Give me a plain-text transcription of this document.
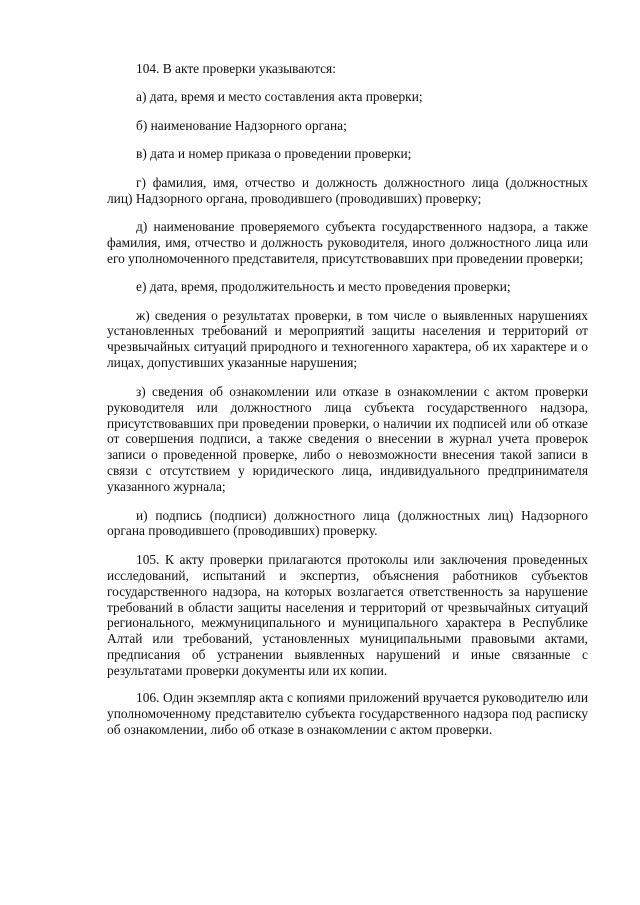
104. В акте проверки указываются:

а) дата, время и место составления акта проверки;

б) наименование Надзорного органа;

в) дата и номер приказа о проведении проверки;

г) фамилия, имя, отчество и должность должностного лица (должностных лиц) Надзорного органа, проводившего (проводивших) проверку;

д) наименование проверяемого субъекта государственного надзора, а также фамилия, имя, отчество и должность руководителя, иного должностного лица или его уполномоченного представителя, присутствовавших при проведении проверки;

е) дата, время, продолжительность и место проведения проверки;

ж) сведения о результатах проверки, в том числе о выявленных нарушениях установленных требований и мероприятий защиты населения и территорий от чрезвычайных ситуаций природного и техногенного характера, об их характере и о лицах, допустивших указанные нарушения;

з) сведения об ознакомлении или отказе в ознакомлении с актом проверки руководителя или должностного лица субъекта государственного надзора, присутствовавших при проведении проверки, о наличии их подписей или об отказе от совершения подписи, а также сведения о внесении в журнал учета проверок записи о проведенной проверке, либо о невозможности внесения такой записи в связи с отсутствием у юридического лица, индивидуального предпринимателя указанного журнала;

и) подпись (подписи) должностного лица (должностных лиц) Надзорного органа проводившего (проводивших) проверку.

105. К акту проверки прилагаются протоколы или заключения проведенных исследований, испытаний и экспертиз, объяснения работников субъектов государственного надзора, на которых возлагается ответственность за нарушение требований в области защиты населения и территорий от чрезвычайных ситуаций регионального, межмуниципального и муниципального характера в Республике Алтай или требований, установленных муниципальными правовыми актами, предписания об устранении выявленных нарушений и иные связанные с результатами проверки документы или их копии.

106. Один экземпляр акта с копиями приложений вручается руководителю или уполномоченному представителю субъекта государственного надзора под расписку об ознакомлении, либо об отказе в ознакомлении с актом проверки.
